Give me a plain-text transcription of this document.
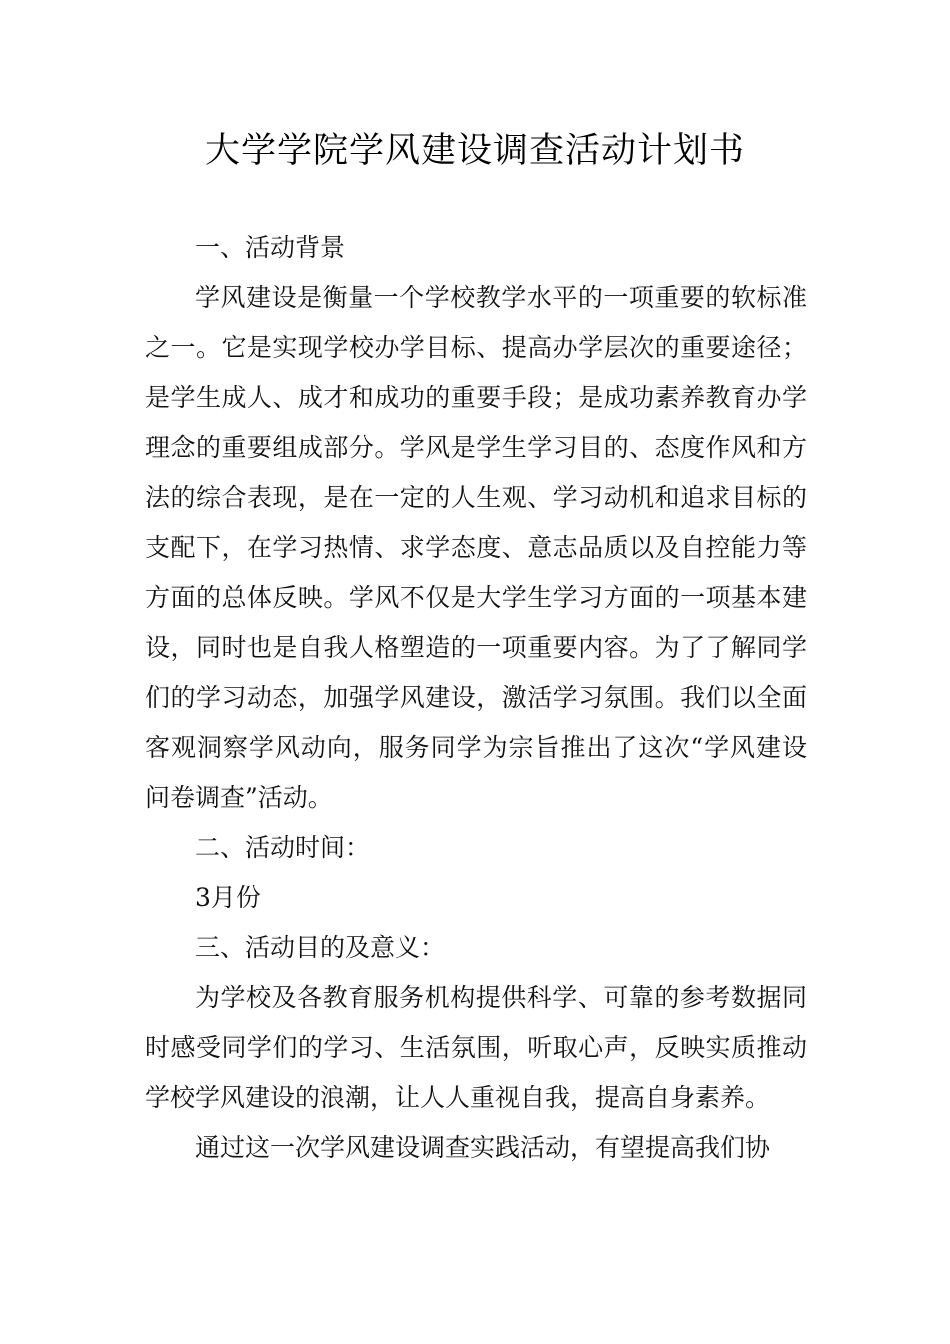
大学学院学风建设调查活动计划书

一、活动背景

学风建设是衡量一个学校教学水平的一项重要的软标准之一。它是实现学校办学目标、提高办学层次的重要途径；是学生成人、成才和成功的重要手段；是成功素养教育办学理念的重要组成部分。学风是学生学习目的、态度作风和方法的综合表现，是在一定的人生观、学习动机和追求目标的支配下，在学习热情、求学态度、意志品质以及自控能力等方面的总体反映。学风不仅是大学生学习方面的一项基本建设，同时也是自我人格塑造的一项重要内容。为了了解同学们的学习动态，加强学风建设，激活学习氛围。我们以全面客观洞察学风动向，服务同学为宗旨推出了这次“学风建设问卷调查”活动。

二、活动时间：

3月份

三、活动目的及意义：

为学校及各教育服务机构提供科学、可靠的参考数据同时感受同学们的学习、生活氛围，听取心声，反映实质推动学校学风建设的浪潮，让人人重视自我，提高自身素养。

通过这一次学风建设调查实践活动，有望提高我们协
